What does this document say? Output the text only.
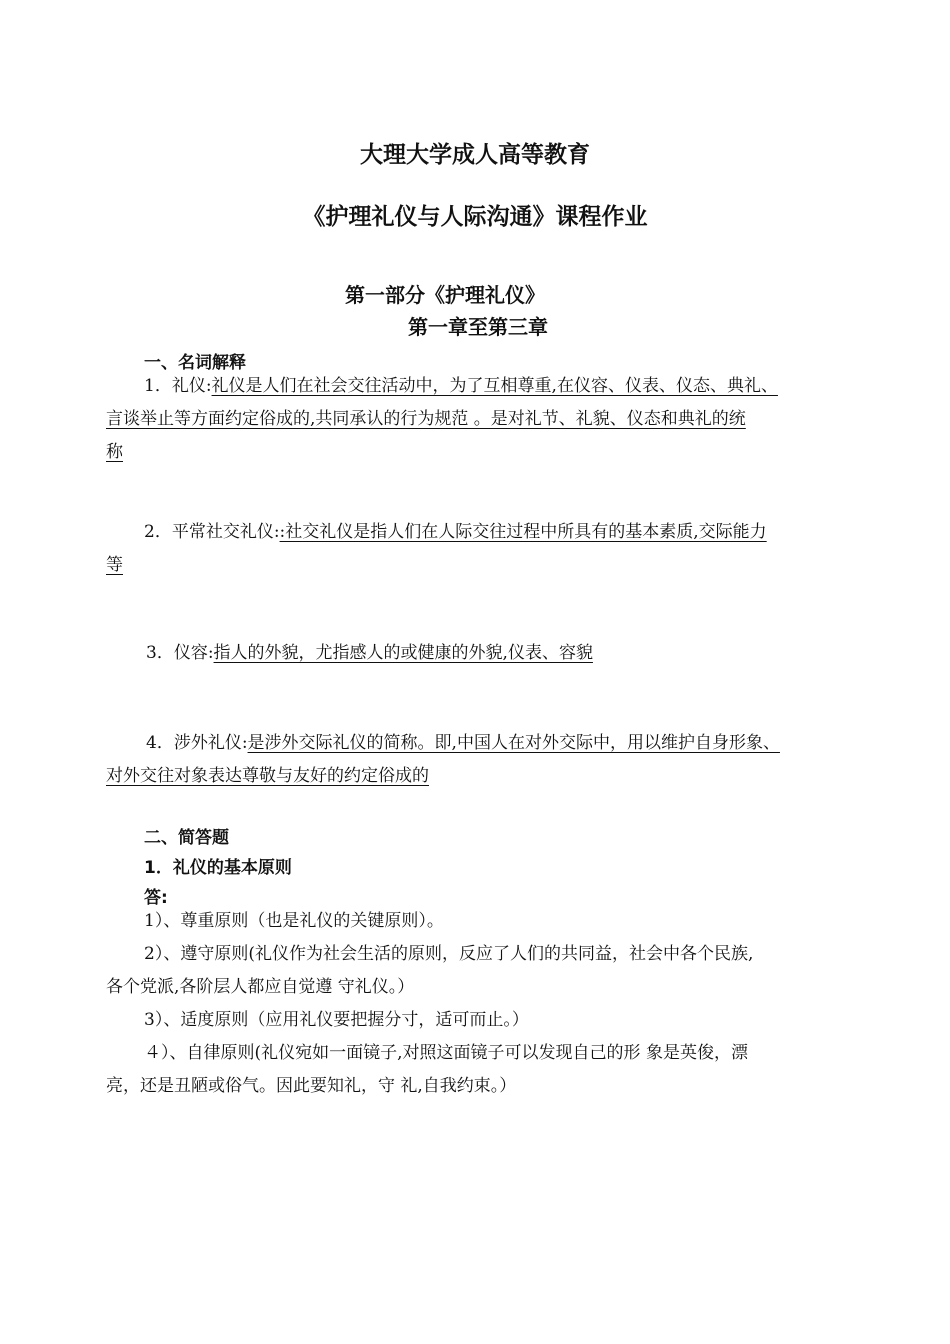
大理大学成人高等教育
《护理礼仪与人际沟通》课程作业
第一部分《护理礼仪》
第一章至第三章
一、名词解释
1．礼仪:礼仪是人们在社会交往活动中，为了互相尊重,在仪容、仪表、仪态、典礼、
言谈举止等方面约定俗成的,共同承认的行为规范 。是对礼节、礼貌、仪态和典礼的统
称
2．平常社交礼仪::社交礼仪是指人们在人际交往过程中所具有的基本素质,交际能力
等
3．仪容:指人的外貌，尤指感人的或健康的外貌,仪表、容貌
4．涉外礼仪:是涉外交际礼仪的简称。即,中国人在对外交际中，用以维护自身形象、
对外交往对象表达尊敬与友好的约定俗成的
二、简答题
1．礼仪的基本原则
答:
1）、尊重原则（也是礼仪的关键原则）。
2）、遵守原则(礼仪作为社会生活的原则，反应了人们的共同益，社会中各个民族,
各个党派,各阶层人都应自觉遵 守礼仪。）
3）、适度原则（应用礼仪要把握分寸，适可而止。）
４）、自律原则(礼仪宛如一面镜子,对照这面镜子可以发现自己的形 象是英俊，漂
亮，还是丑陋或俗气。因此要知礼，守 礼,自我约束。）
